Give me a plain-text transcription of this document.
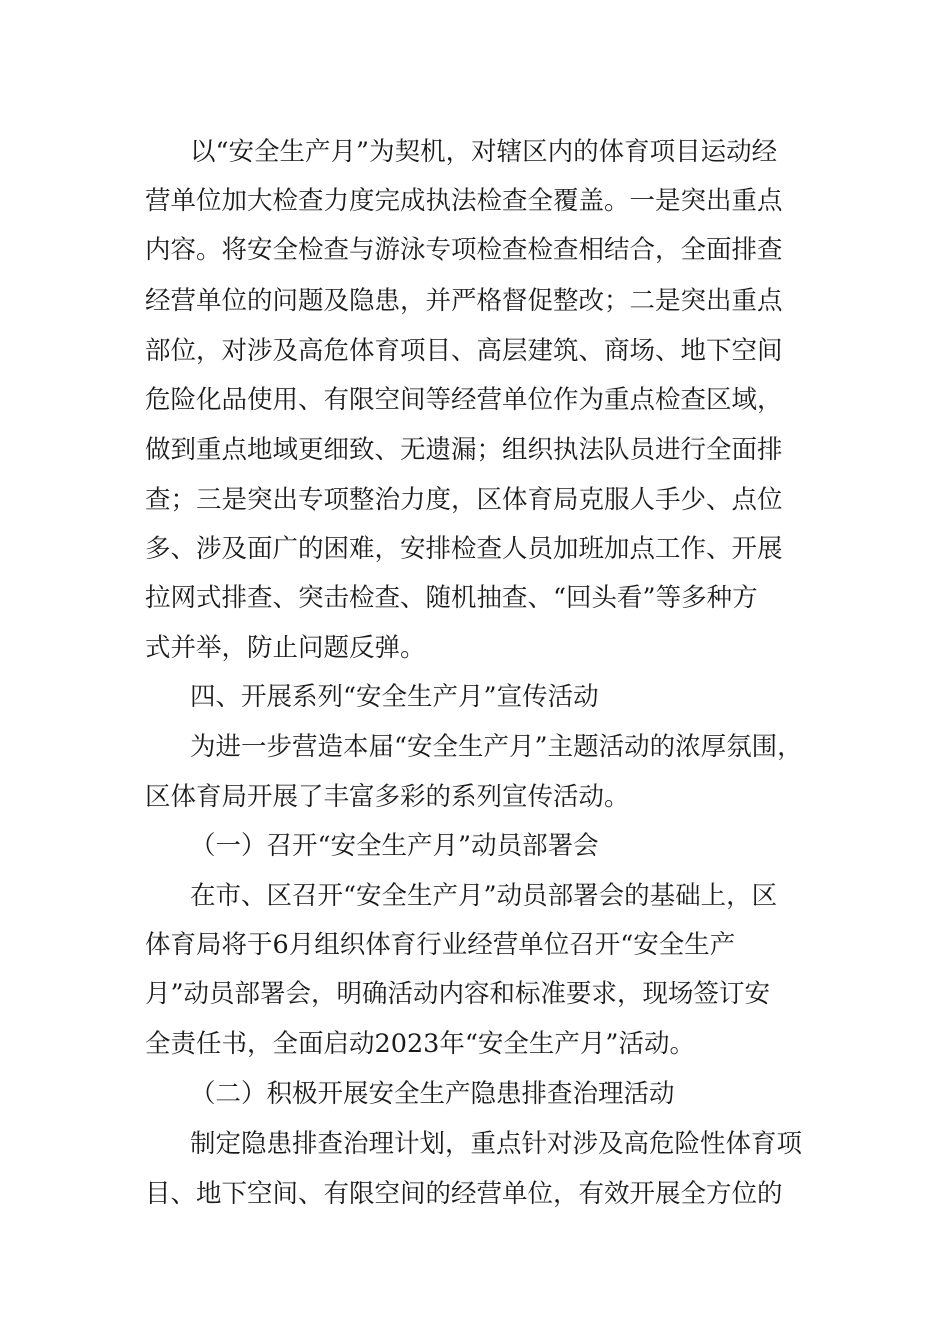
以“安全生产月”为契机，对辖区内的体育项目运动经
营单位加大检查力度完成执法检查全覆盖。一是突出重点
内容。将安全检查与游泳专项检查检查相结合，全面排查
经营单位的问题及隐患，并严格督促整改；二是突出重点
部位，对涉及高危体育项目、高层建筑、商场、地下空间
危险化品使用、有限空间等经营单位作为重点检查区域，
做到重点地域更细致、无遗漏；组织执法队员进行全面排
查；三是突出专项整治力度，区体育局克服人手少、点位
多、涉及面广的困难，安排检查人员加班加点工作、开展
拉网式排查、突击检查、随机抽查、“回头看”等多种方
式并举，防止问题反弹。
四、开展系列“安全生产月”宣传活动
为进一步营造本届“安全生产月”主题活动的浓厚氛围，
区体育局开展了丰富多彩的系列宣传活动。
（一）召开“安全生产月”动员部署会
在市、区召开“安全生产月”动员部署会的基础上，区
体育局将于6月组织体育行业经营单位召开“安全生产
月”动员部署会，明确活动内容和标准要求，现场签订安
全责任书，全面启动2023年“安全生产月”活动。
（二）积极开展安全生产隐患排查治理活动
制定隐患排查治理计划，重点针对涉及高危险性体育项
目、地下空间、有限空间的经营单位，有效开展全方位的
